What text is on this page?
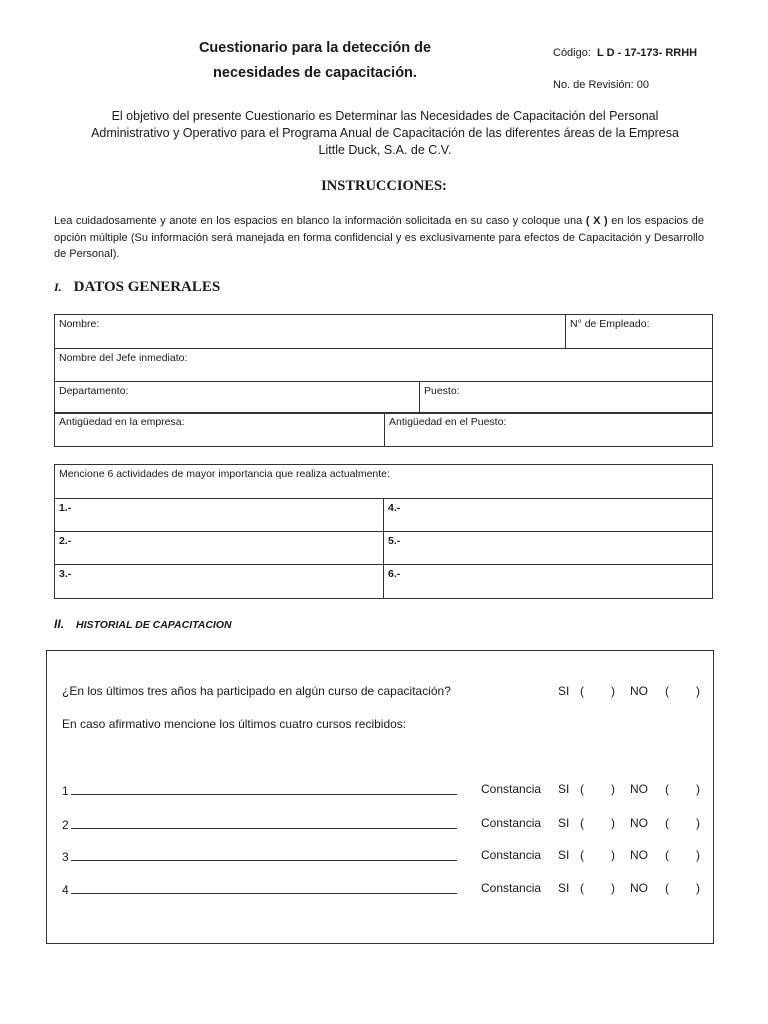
Cuestionario para la detección de
necesidades de capacitación.
Código: L D - 17-173- RRHH
No. de Revisión: 00
El objetivo del presente Cuestionario es Determinar las Necesidades de Capacitación del Personal
Administrativo y Operativo para el Programa Anual de Capacitación de las diferentes áreas de la Empresa
Little Duck, S.A. de C.V.
INSTRUCCIONES:
Lea cuidadosamente y anote en los espacios en blanco la información solicitada en su caso y coloque una ( X ) en los espacios de opción múltiple (Su información será manejada en forma confidencial y es exclusivamente para efectos de Capacitación y Desarrollo de Personal).
I. DATOS GENERALES
Nombre:		N° de Empleado:
Nombre del Jefe inmediato:		
Departamento:	Puesto:	
Antigüedad en la empresa:	Antigüedad en el Puesto:
Mencione 6 actividades de mayor importancia que realiza actualmente:	
1.-	4.-
2.-	5.-
3.-	6.-
II. HISTORIAL DE CAPACITACION
¿En los últimos tres años ha participado en algún curso de capacitación?	SI ( ) NO ( )
En caso afirmativo mencione los últimos cuatro cursos recibidos:
1	Constancia SI ( ) NO ( )
2	Constancia SI ( ) NO ( )
3	Constancia SI ( ) NO ( )
4	Constancia SI ( ) NO ( )
